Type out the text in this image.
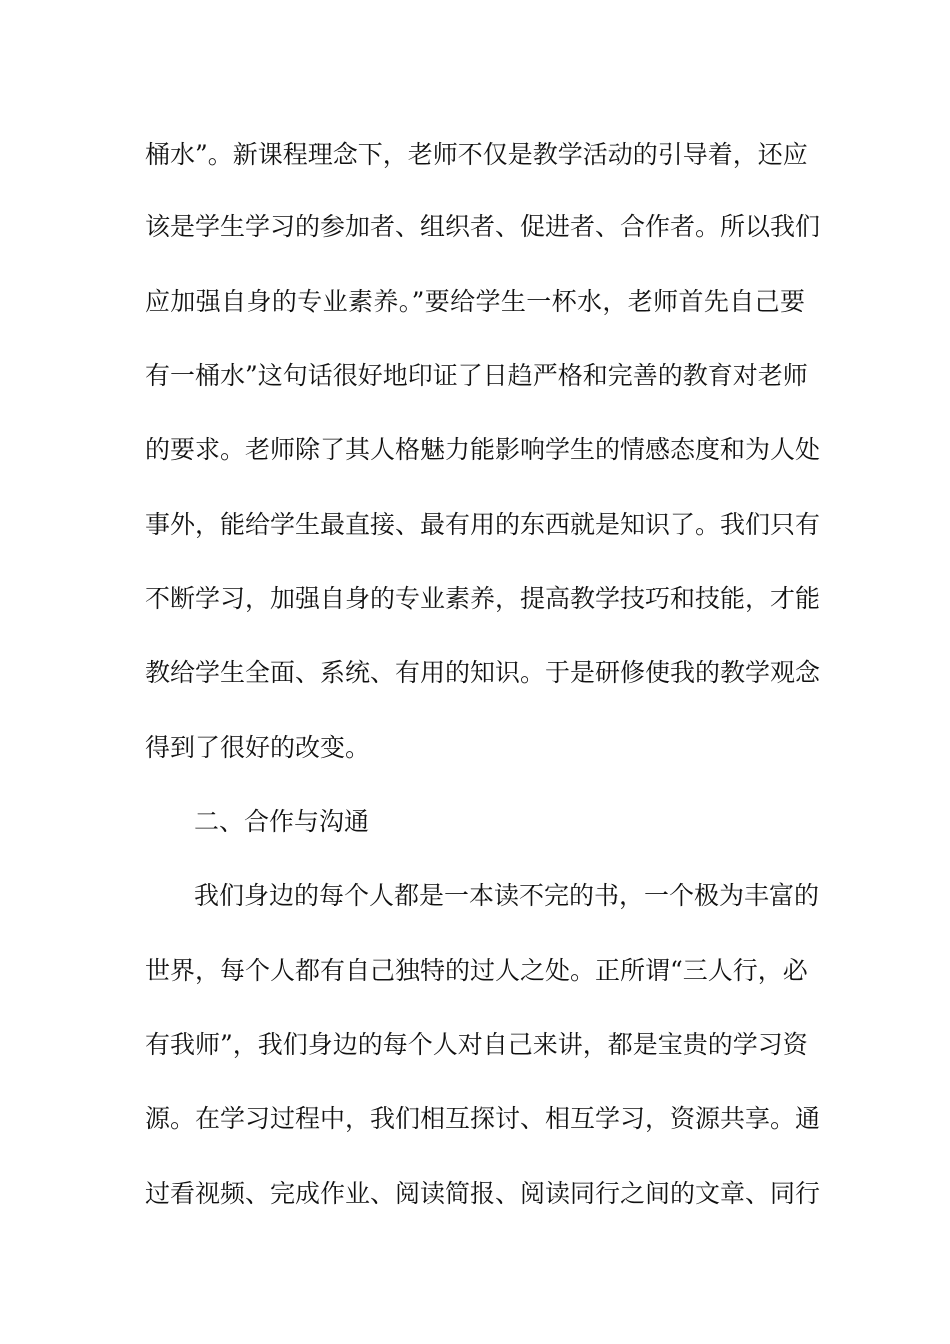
桶水”。新课程理念下，老师不仅是教学活动的引导着，还应
该是学生学习的参加者、组织者、促进者、合作者。所以我们
应加强自身的专业素养。”要给学生一杯水，老师首先自己要
有一桶水”这句话很好地印证了日趋严格和完善的教育对老师
的要求。老师除了其人格魅力能影响学生的情感态度和为人处
事外，能给学生最直接、最有用的东西就是知识了。我们只有
不断学习，加强自身的专业素养，提高教学技巧和技能，才能
教给学生全面、系统、有用的知识。于是研修使我的教学观念
得到了很好的改变。
二、合作与沟通
我们身边的每个人都是一本读不完的书，一个极为丰富的
世界，每个人都有自己独特的过人之处。正所谓“三人行，必
有我师”，我们身边的每个人对自己来讲，都是宝贵的学习资
源。在学习过程中，我们相互探讨、相互学习，资源共享。通
过看视频、完成作业、阅读简报、阅读同行之间的文章、同行
